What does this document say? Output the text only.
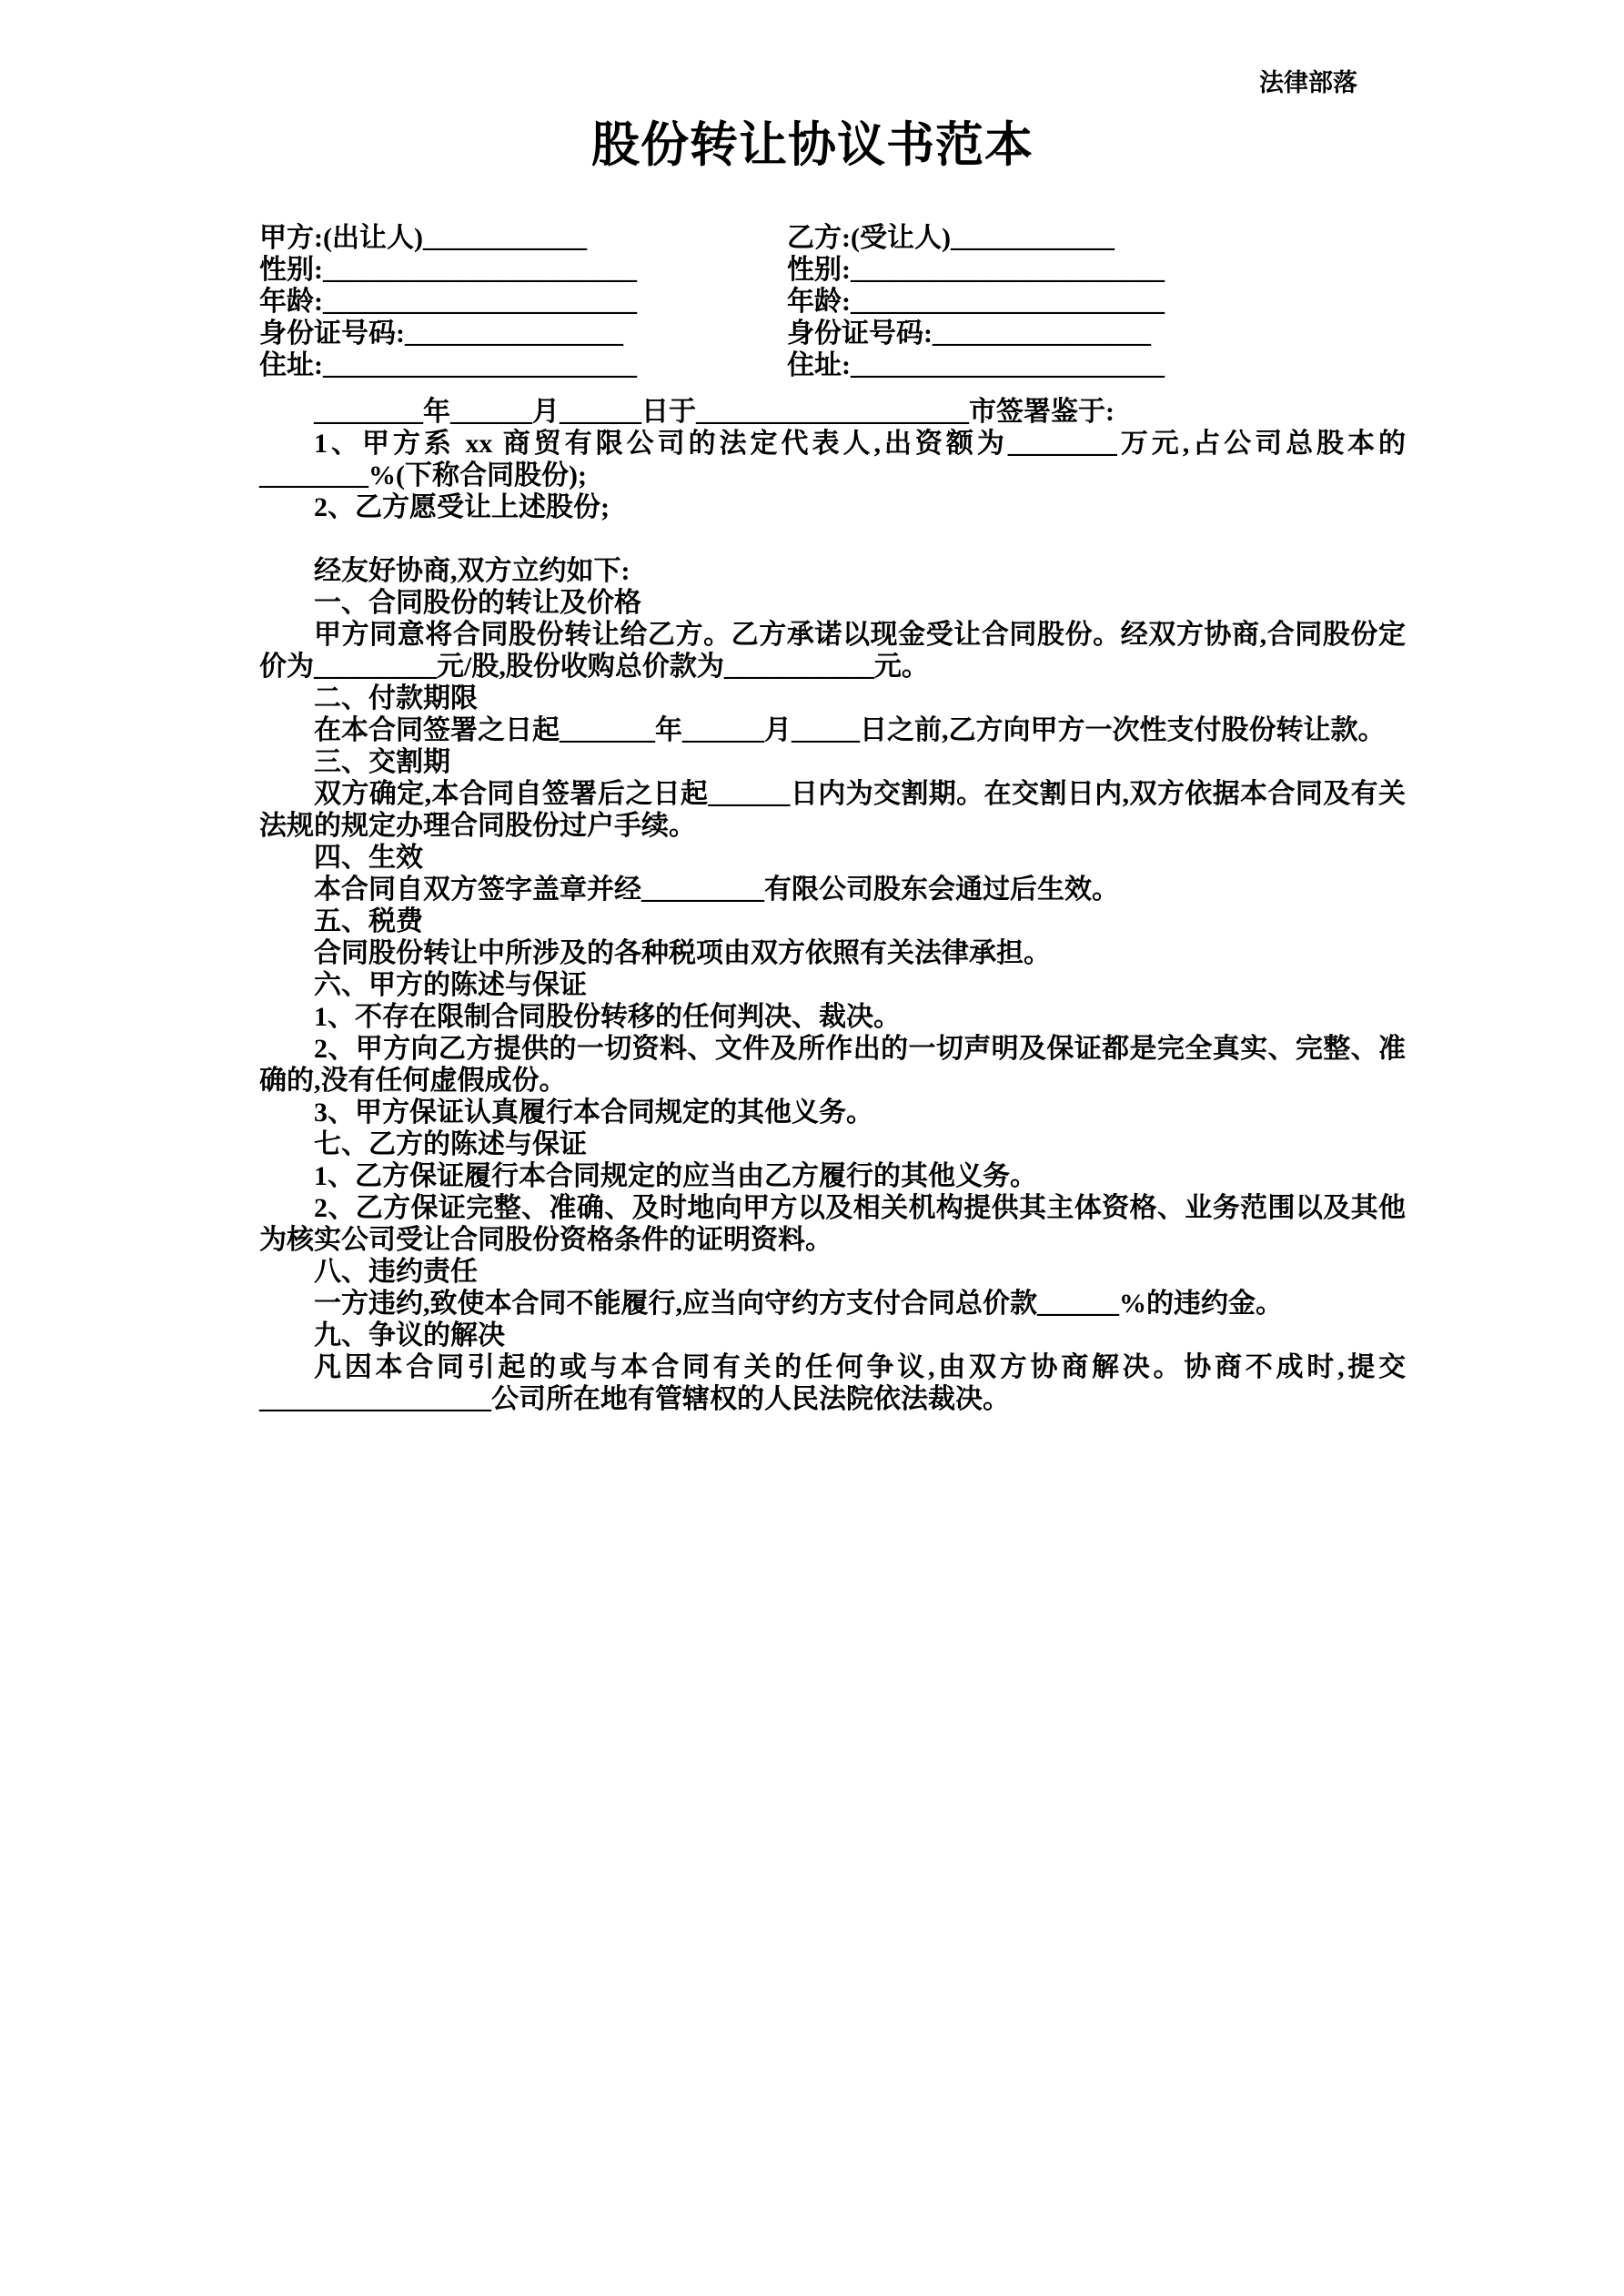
法律部落
股份转让协议书范本
甲方:(出让人)____________
性别:_______________________
年龄:_______________________
身份证号码:________________
住址:_______________________
乙方:(受让人)____________
性别:_______________________
年龄:_______________________
身份证号码:________________
住址:_______________________

________年______月______日于____________________市签署鉴于:

1、甲方系 xx 商贸有限公司的法定代表人,出资额为________万元,占公司总股本的________%(下称合同股份);

2、乙方愿受让上述股份;

经友好协商,双方立约如下:

一、合同股份的转让及价格

甲方同意将合同股份转让给乙方。乙方承诺以现金受让合同股份。经双方协商,合同股份定价为_________元/股,股份收购总价款为___________元。

二、付款期限

在本合同签署之日起_______年______月_____日之前,乙方向甲方一次性支付股份转让款。

三、交割期

双方确定,本合同自签署后之日起______日内为交割期。在交割日内,双方依据本合同及有关法规的规定办理合同股份过户手续。

四、生效

本合同自双方签字盖章并经_________有限公司股东会通过后生效。

五、税费

合同股份转让中所涉及的各种税项由双方依照有关法律承担。

六、甲方的陈述与保证

1、不存在限制合同股份转移的任何判决、裁决。

2、甲方向乙方提供的一切资料、文件及所作出的一切声明及保证都是完全真实、完整、准确的,没有任何虚假成份。

3、甲方保证认真履行本合同规定的其他义务。

七、乙方的陈述与保证

1、乙方保证履行本合同规定的应当由乙方履行的其他义务。

2、乙方保证完整、准确、及时地向甲方以及相关机构提供其主体资格、业务范围以及其他为核实公司受让合同股份资格条件的证明资料。

八、违约责任

一方违约,致使本合同不能履行,应当向守约方支付合同总价款______%的违约金。

九、争议的解决

凡因本合同引起的或与本合同有关的任何争议,由双方协商解决。协商不成时,提交_________________公司所在地有管辖权的人民法院依法裁决。
